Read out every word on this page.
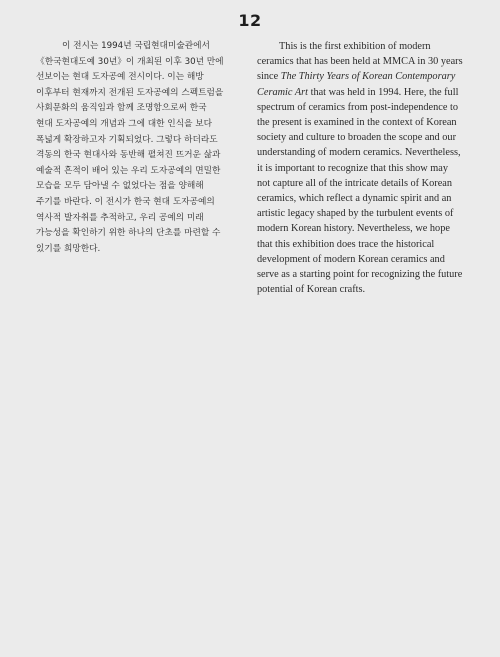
12
이 전시는 1994년 국립현대미술관에서
《한국현대도예 30년》이 개최된 이후 30년 만에
선보이는 현대 도자공예 전시이다. 이는 해방
이후부터 현재까지 전개된 도자공예의 스펙트럼을
사회문화의 움직임과 함께 조명함으로써 한국
현대 도자공예의 개념과 그에 대한 인식을 보다
폭넓게 확장하고자 기획되었다. 그렇다 하더라도
격동의 한국 현대사와 동반해 펼쳐진 뜨거운 삶과
예술적 흔적이 배어 있는 우리 도자공예의 면밀한
모습을 모두 담아낼 수 없었다는 점을 양해해
주기를 바란다. 이 전시가 한국 현대 도자공예의
역사적 발자취를 추적하고, 우리 공예의 미래
가능성을 확인하기 위한 하나의 단초를 마련할 수
있기를 희망한다.
This is the first exhibition of modern
ceramics that has been held at MMCA in 30 years
since The Thirty Years of Korean Contemporary
Ceramic Art that was held in 1994. Here, the full
spectrum of ceramics from post-independence to
the present is examined in the context of Korean
society and culture to broaden the scope and our
understanding of modern ceramics. Nevertheless,
it is important to recognize that this show may
not capture all of the intricate details of Korean
ceramics, which reflect a dynamic spirit and an
artistic legacy shaped by the turbulent events of
modern Korean history. Nevertheless, we hope
that this exhibition does trace the historical
development of modern Korean ceramics and
serve as a starting point for recognizing the future
potential of Korean crafts.
